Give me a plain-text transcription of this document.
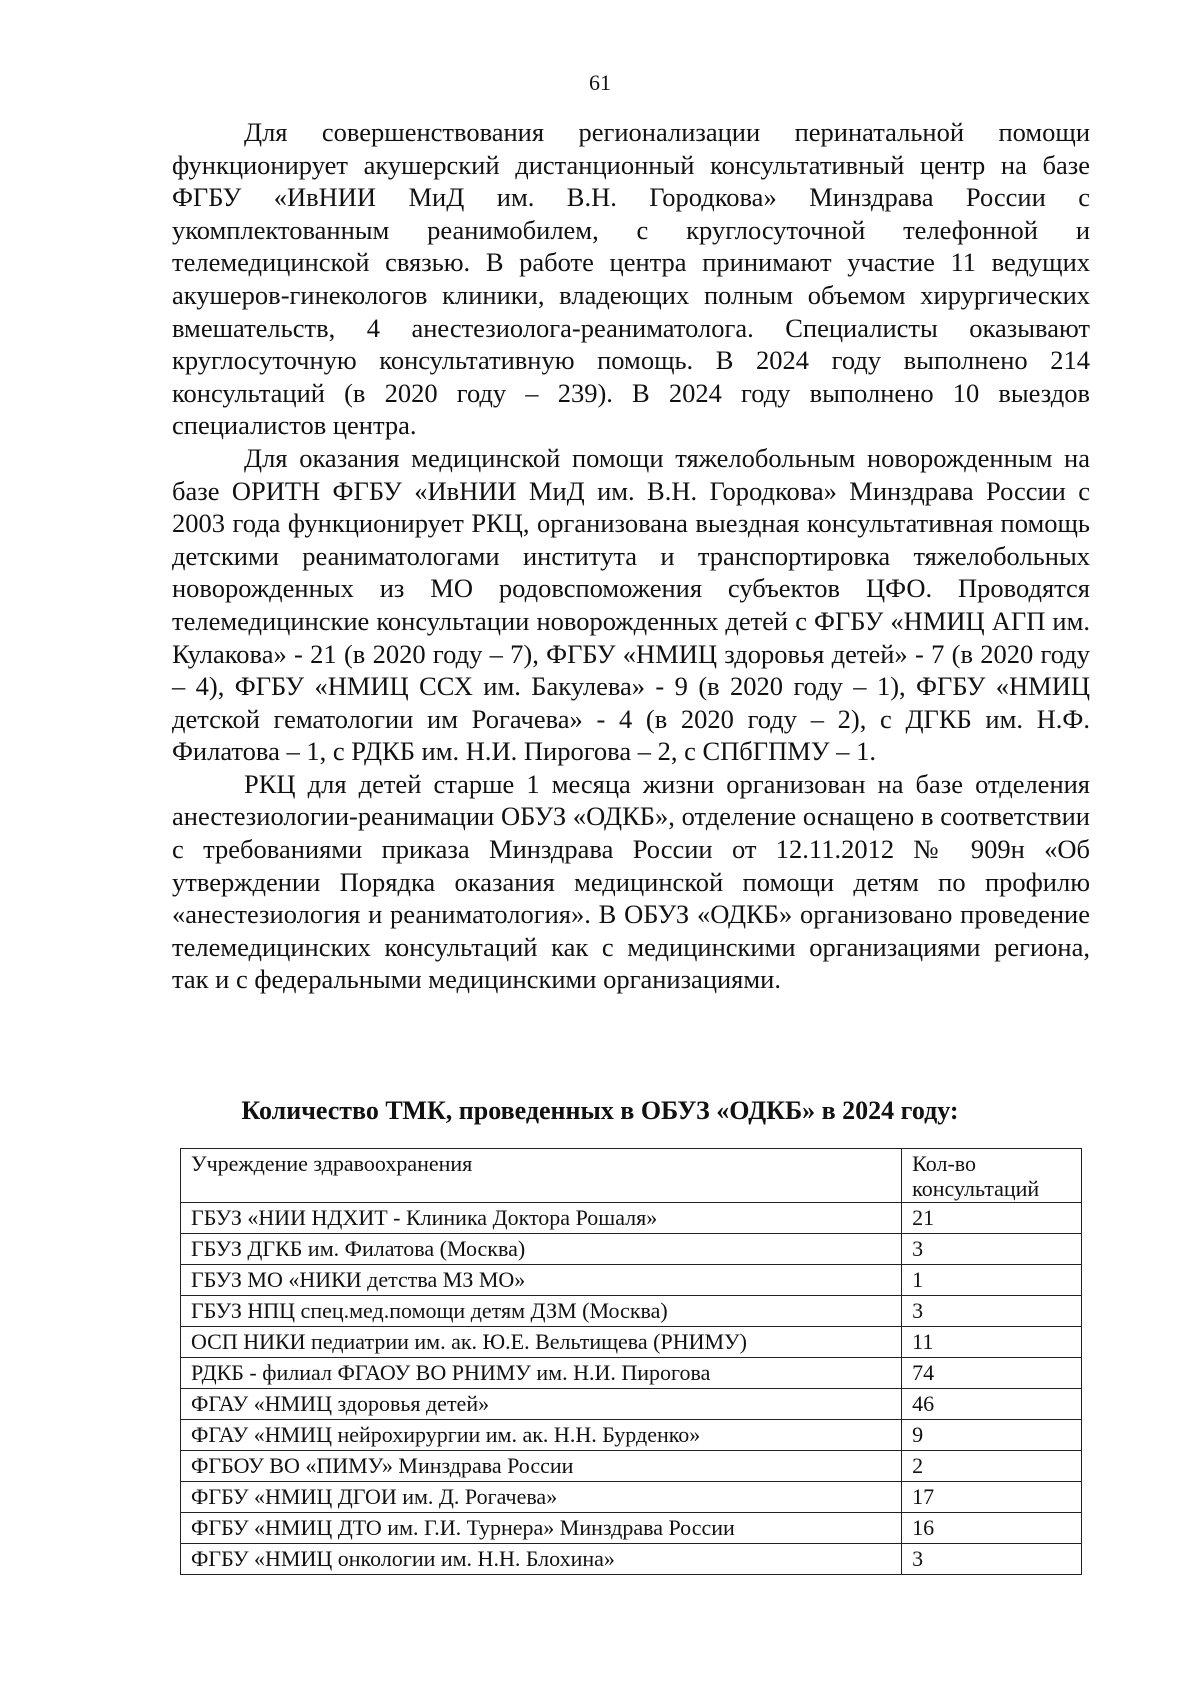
61

Для совершенствования регионализации перинатальной помощи функционирует акушерский дистанционный консультативный центр на базе ФГБУ «ИвНИИ МиД им. В.Н. Городкова» Минздрава России с укомплектованным реанимобилем, с круглосуточной телефонной и телемедицинской связью. В работе центра принимают участие 11 ведущих акушеров-гинекологов клиники, владеющих полным объемом хирургических вмешательств, 4 анестезиолога-реаниматолога. Специалисты оказывают круглосуточную консультативную помощь. В 2024 году выполнено 214 консультаций (в 2020 году – 239). В 2024 году выполнено 10 выездов специалистов центра.

Для оказания медицинской помощи тяжелобольным новорожденным на базе ОРИТН ФГБУ «ИвНИИ МиД им. В.Н. Городкова» Минздрава России с 2003 года функционирует РКЦ, организована выездная консультативная помощь детскими реаниматологами института и транспортировка тяжелобольных новорожденных из МО родовспоможения субъектов ЦФО. Проводятся телемедицинские консультации новорожденных детей с ФГБУ «НМИЦ АГП им. Кулакова» - 21 (в 2020 году – 7), ФГБУ «НМИЦ здоровья детей» - 7 (в 2020 году – 4), ФГБУ «НМИЦ ССХ им. Бакулева» - 9 (в 2020 году – 1), ФГБУ «НМИЦ детской гематологии им Рогачева» - 4 (в 2020 году – 2), с ДГКБ им. Н.Ф. Филатова – 1, с РДКБ им. Н.И. Пирогова – 2, с СПбГПМУ – 1.

РКЦ для детей старше 1 месяца жизни организован на базе отделения анестезиологии-реанимации ОБУЗ «ОДКБ», отделение оснащено в соответствии с требованиями приказа Минздрава России от 12.11.2012 № 909н «Об утверждении Порядка оказания медицинской помощи детям по профилю «анестезиология и реаниматология». В ОБУЗ «ОДКБ» организовано проведение телемедицинских консультаций как с медицинскими организациями региона, так и с федеральными медицинскими организациями.

Количество ТМК, проведенных в ОБУЗ «ОДКБ» в 2024 году:
Учреждение здравоохранения	Кол-во консультаций
ГБУЗ «НИИ НДХИТ - Клиника Доктора Рошаля»	21
ГБУЗ ДГКБ им. Филатова (Москва)	3
ГБУЗ МО «НИКИ детства МЗ МО»	1
ГБУЗ НПЦ спец.мед.помощи детям ДЗМ (Москва)	3
ОСП НИКИ педиатрии им. ак. Ю.Е. Вельтищева (РНИМУ)	11
РДКБ - филиал ФГАОУ ВО РНИМУ им. Н.И. Пирогова	74
ФГАУ «НМИЦ здоровья детей»	46
ФГАУ «НМИЦ нейрохирургии им. ак. Н.Н. Бурденко»	9
ФГБОУ ВО «ПИМУ» Минздрава России	2
ФГБУ «НМИЦ ДГОИ им. Д. Рогачева»	17
ФГБУ «НМИЦ ДТО им. Г.И. Турнера» Минздрава России	16
ФГБУ «НМИЦ онкологии им. Н.Н. Блохина»	3
